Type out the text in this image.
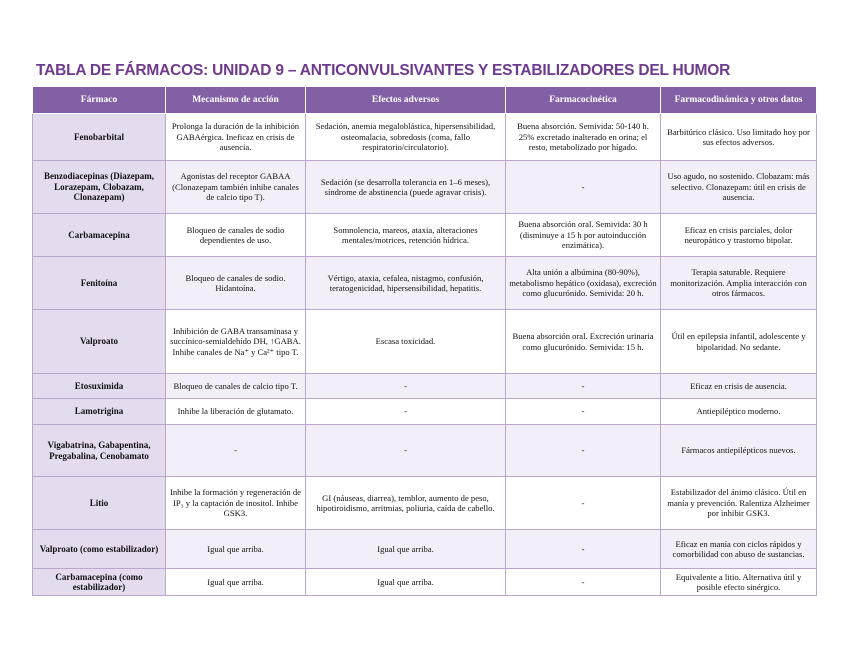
TABLA DE FÁRMACOS: UNIDAD 9 – ANTICONVULSIVANTES Y ESTABILIZADORES DEL HUMOR
Fármaco	Mecanismo de acción	Efectos adversos	Farmacocinética	Farmacodinámica y otros datos
Fenobarbital	Prolonga la duración de la inhibición GABAérgica. Ineficaz en crisis de ausencia.	Sedación, anemia megaloblástica, hipersensibilidad, osteomalacia, sobredosis (coma, fallo respiratorio/circulatorio).	Buena absorción. Semivida: 50-140 h. 25% excretado inalterado en orina; el resto, metabolizado por hígado.	Barbitúrico clásico. Uso limitado hoy por sus efectos adversos.
Benzodiacepinas (Diazepam, Lorazepam, Clobazam, Clonazepam)	Agonistas del receptor GABAA (Clonazepam también inhibe canales de calcio tipo T).	Sedación (se desarrolla tolerancia en 1–6 meses), síndrome de abstinencia (puede agravar crisis).	-	Uso agudo, no sostenido. Clobazam: más selectivo. Clonazepam: útil en crisis de ausencia.
Carbamacepina	Bloqueo de canales de sodio dependientes de uso.	Somnolencia, mareos, ataxia, alteraciones mentales/motrices, retención hídrica.	Buena absorción oral. Semivida: 30 h (disminuye a 15 h por autoinducción enzimática).	Eficaz en crisis parciales, dolor neuropático y trastorno bipolar.
Fenitoína	Bloqueo de canales de sodio. Hidantoína.	Vértigo, ataxia, cefalea, nistagmo, confusión, teratogenicidad, hipersensibilidad, hepatitis.	Alta unión a albúmina (80-90%), metabolismo hepático (oxidasa), excreción como glucurónido. Semivida: 20 h.	Terapia saturable. Requiere monitorización. Amplia interacción con otros fármacos.
Valproato	Inhibición de GABA transaminasa y succínico-semialdehído DH, ↑GABA. Inhibe canales de Na⁺ y Ca²⁺ tipo T.	Escasa toxicidad.	Buena absorción oral. Excreción urinaria como glucurónido. Semivida: 15 h.	Útil en epilepsia infantil, adolescente y bipolaridad. No sedante.
Etosuximida	Bloqueo de canales de calcio tipo T.	-	-	Eficaz en crisis de ausencia.
Lamotrigina	Inhibe la liberación de glutamato.	-	-	Antiepiléptico moderno.
Vigabatrina, Gabapentina, Pregabalina, Cenobamato	-	-	-	Fármacos antiepilépticos nuevos.
Litio	Inhibe la formación y regeneración de IP₃ y la captación de inositol. Inhibe GSK3.	GI (náuseas, diarrea), temblor, aumento de peso, hipotiroidismo, arritmias, poliuria, caída de cabello.	-	Estabilizador del ánimo clásico. Útil en manía y prevención. Ralentiza Alzheimer por inhibir GSK3.
Valproato (como estabilizador)	Igual que arriba.	Igual que arriba.	-	Eficaz en manía con ciclos rápidos y comorbilidad con abuso de sustancias.
Carbamacepina (como estabilizador)	Igual que arriba.	Igual que arriba.	-	Equivalente a litio. Alternativa útil y posible efecto sinérgico.
